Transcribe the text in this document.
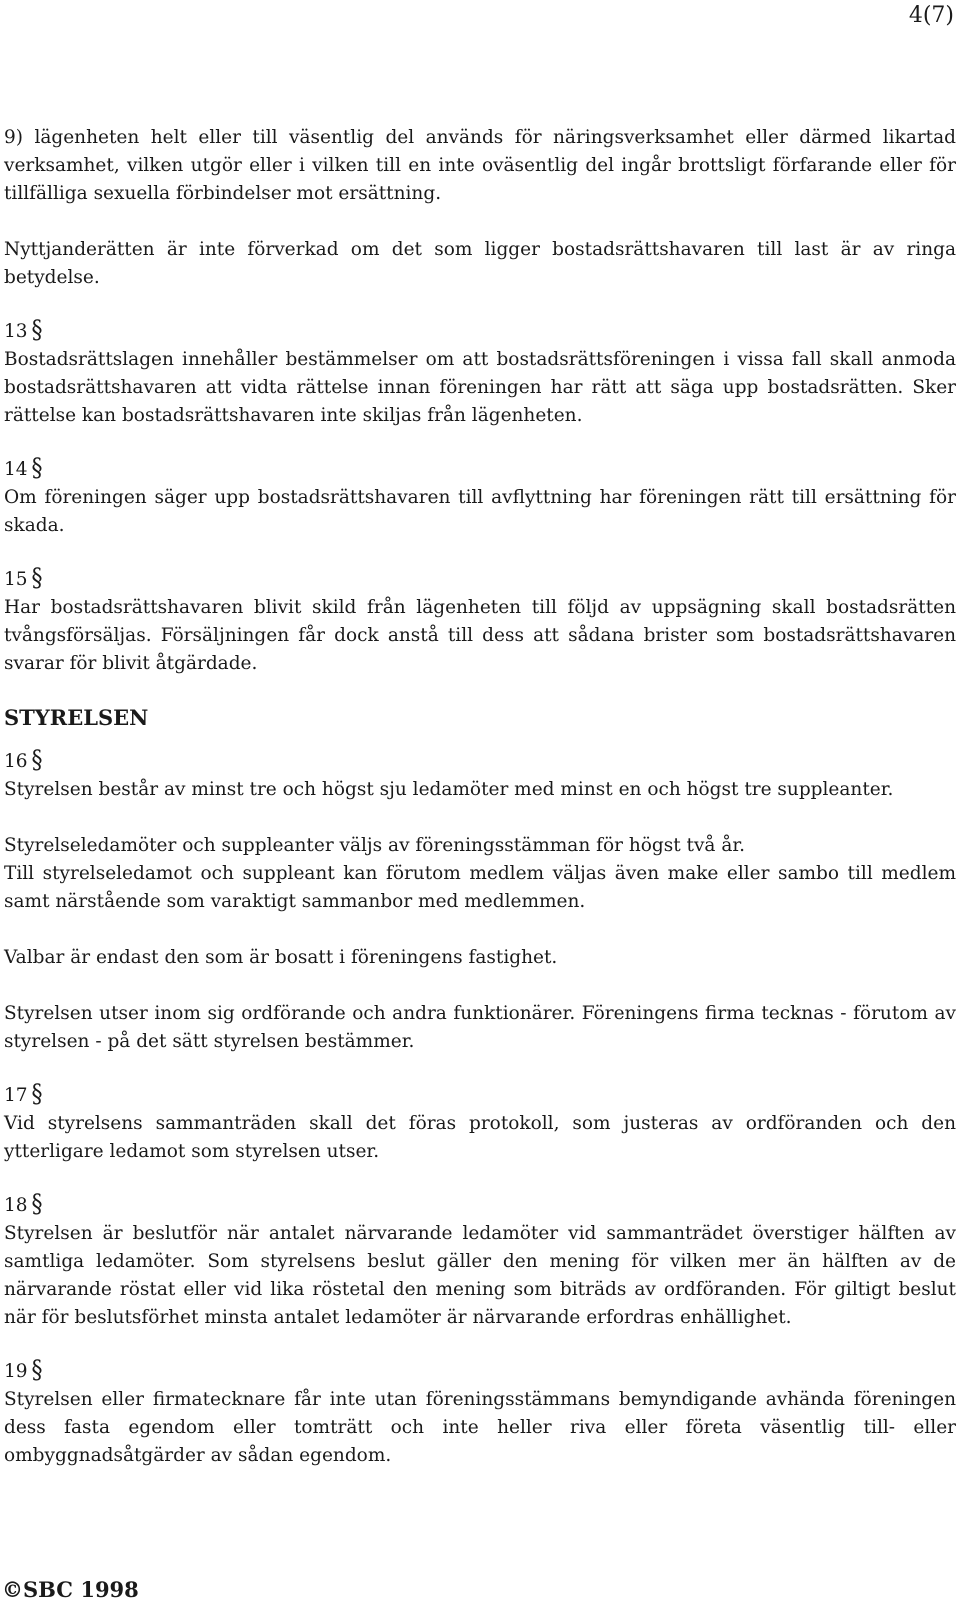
4(7)

9) lägenheten helt eller till väsentlig del används för näringsverksamhet eller därmed likartad verksamhet, vilken utgör eller i vilken till en inte oväsentlig del ingår brottsligt förfarande eller för tillfälliga sexuella förbindelser mot ersättning.

Nyttjanderätten är inte förverkad om det som ligger bostadsrättshavaren till last är av ringa betydelse.

13 §

Bostadsrättslagen innehåller bestämmelser om att bostadsrättsföreningen i vissa fall skall anmoda bostadsrättshavaren att vidta rättelse innan föreningen har rätt att säga upp bostadsrätten. Sker rättelse kan bostadsrättshavaren inte skiljas från lägenheten.

14 §

Om föreningen säger upp bostadsrättshavaren till avflyttning har föreningen rätt till ersättning för skada.

15 §

Har bostadsrättshavaren blivit skild från lägenheten till följd av uppsägning skall bostadsrätten tvångsförsäljas. Försäljningen får dock anstå till dess att sådana brister som bostadsrättshavaren svarar för blivit åtgärdade.

STYRELSEN

16 §

Styrelsen består av minst tre och högst sju ledamöter med minst en och högst tre suppleanter.

Styrelseledamöter och suppleanter väljs av föreningsstämman för högst två år.

Till styrelseledamot och suppleant kan förutom medlem väljas även make eller sambo till medlem samt närstående som varaktigt sammanbor med medlemmen.

Valbar är endast den som är bosatt i föreningens fastighet.

Styrelsen utser inom sig ordförande och andra funktionärer. Föreningens firma tecknas - förutom av styrelsen - på det sätt styrelsen bestämmer.

17 §

Vid styrelsens sammanträden skall det föras protokoll, som justeras av ordföranden och den ytterligare ledamot som styrelsen utser.

18 §

Styrelsen är beslutför när antalet närvarande ledamöter vid sammanträdet överstiger hälften av samtliga ledamöter. Som styrelsens beslut gäller den mening för vilken mer än hälften av de närvarande röstat eller vid lika röstetal den mening som biträds av ordföranden. För giltigt beslut när för beslutsförhet minsta antalet ledamöter är närvarande erfordras enhällighet.

19 §

Styrelsen eller firmatecknare får inte utan föreningsstämmans bemyndigande avhända föreningen dess fasta egendom eller tomträtt och inte heller riva eller företa väsentlig till- eller ombyggnadsåtgärder av sådan egendom.

©SBC 1998
